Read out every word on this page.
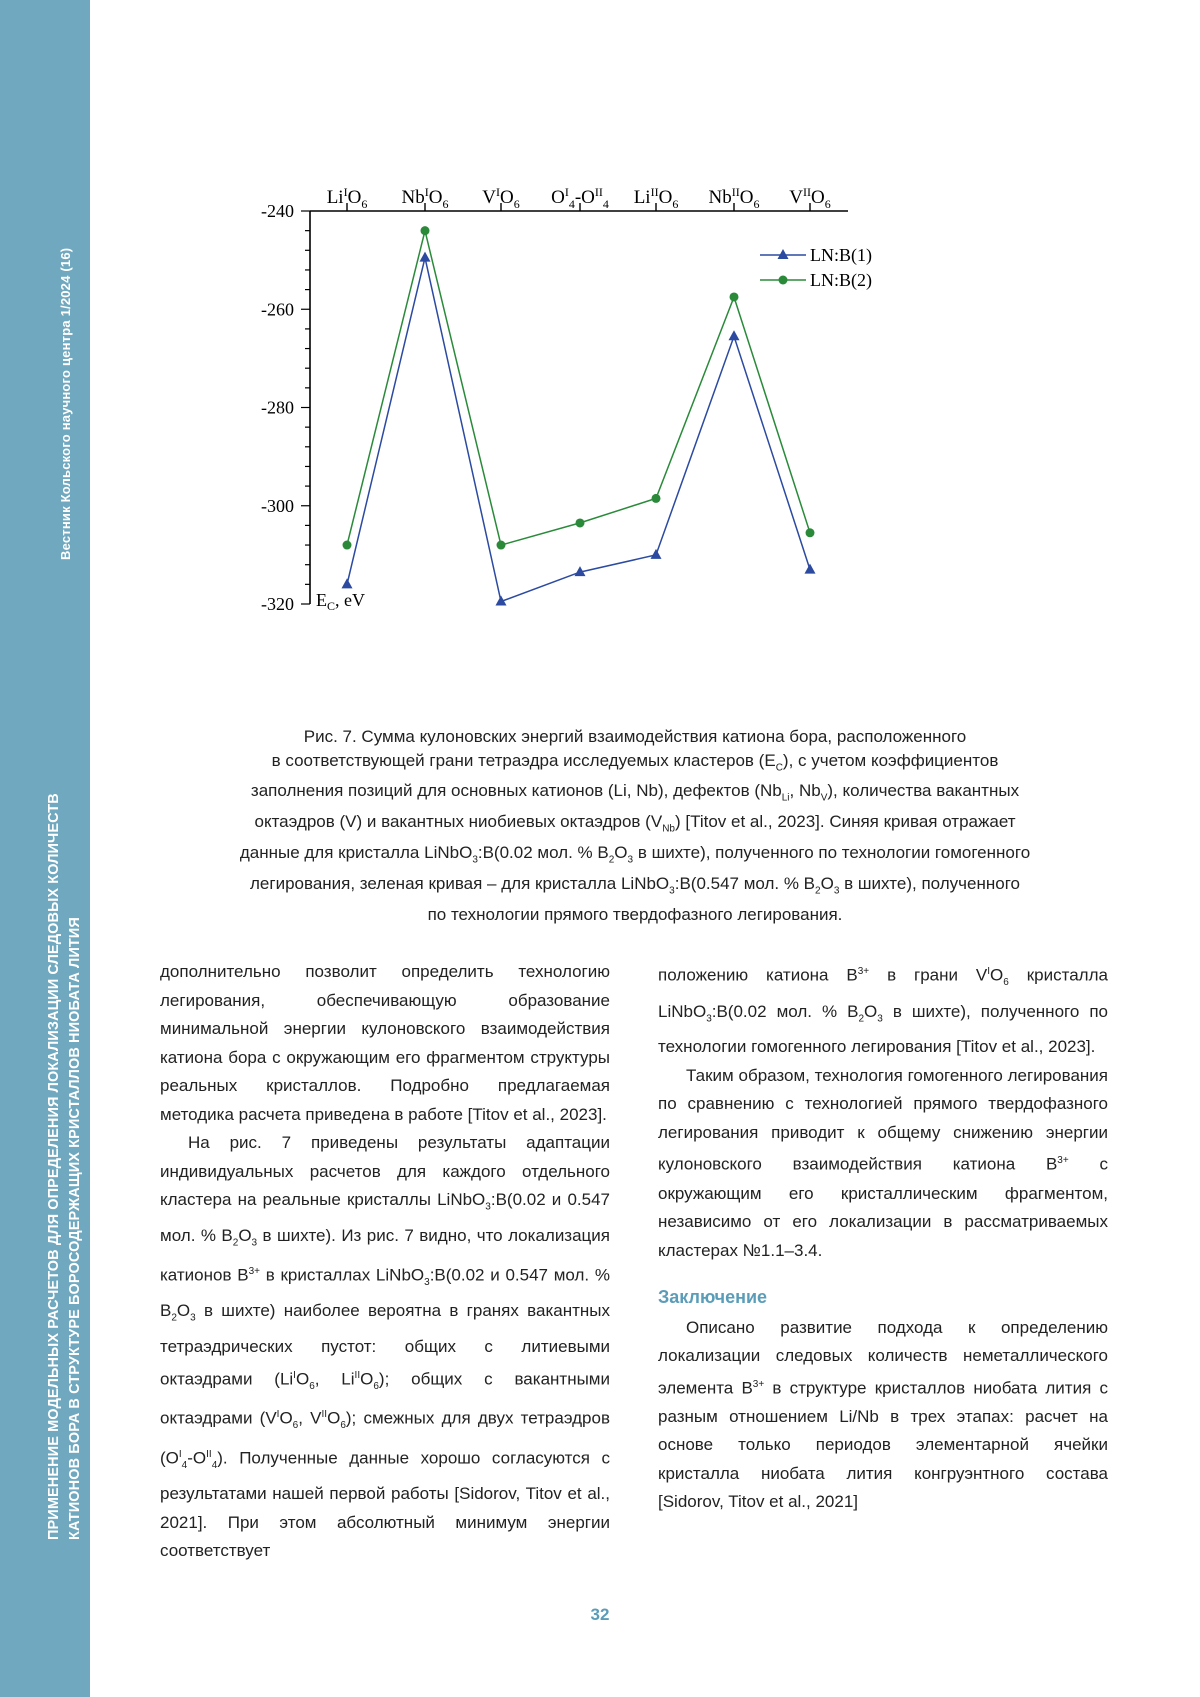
Вестник Кольского научного центра 1/2024 (16)
ПРИМЕНЕНИЕ МОДЕЛЬНЫХ РАСЧЕТОВ ДЛЯ ОПРЕДЕЛЕНИЯ ЛОКАЛИЗАЦИИ СЛЕДОВЫХ КОЛИЧЕСТВ КАТИОНОВ БОРА В СТРУКТУРЕ БОРОСОДЕРЖАЩИХ КРИСТАЛЛОВ НИОБАТА ЛИТИЯ
-240
-260
-280
-300
-320 $E_C$, eV
$Li^IO_6$ $Nb^IO_6$ $V^IO_6$ $O^I_4-O^{II}_4$ $Li^{II}O_6$ $Nb^{II}O_6$ $V^{II}O_6$
LN:B(1)
LN:B(2)
Рис. 7. Сумма кулоновских энергий взаимодействия катиона бора, расположенного
в соответствующей грани тетраэдра исследуемых кластеров $(E_C)$, с учетом коэффициентов
заполнения позиций для основных катионов (Li, Nb), дефектов ($Nb_{Li}$, $Nb_V$), количества вакантных
октаэдров (V) и вакантных ниобиевых октаэдров $(V_{Nb})$ [Titov et al., 2023]. Синяя кривая отражает
данные для кристалла LiNbO$_3$:B(0.02 мол. % $B_2O_3$ в шихте), полученного по технологии гомогенного
легирования, зеленая кривая – для кристалла LiNbO$_3$:B(0.547 мол. % $B_2O_3$ в шихте), полученного
по технологии прямого твердофазного легирования.

дополнительно позволит определить технологию легирования, обеспечивающую образование минимальной энергии кулоновского взаимодействия катиона бора с окружающим его фрагментом структуры реальных кристаллов. Подробно предлагаемая методика расчета приведена в работе [Titov et al., 2023].

На рис. 7 приведены результаты адаптации индивидуальных расчетов для каждого отдельного кластера на реальные кристаллы LiNbO$_3$:B(0.02 и 0.547 мол. % $B_2O_3$ в шихте). Из рис. 7 видно, что локализация катионов $B^{3+}$ в кристаллах LiNbO$_3$:B(0.02 и 0.547 мол. % $B_2O_3$ в шихте) наиболее вероятна в гранях вакантных тетраэдрических пустот: общих с литиевыми октаэдрами ($Li^IO_6$, $Li^{II}O_6$); общих с вакантными октаэдрами ($V^IO_6$, $V^{II}O_6$); смежных для двух тетраэдров $(O^I_4-O^{II}_4)$. Полученные данные хорошо согласуются с результатами нашей первой работы [Sidorov, Titov et al., 2021]. При этом абсолютный минимум энергии соответствует

положению катиона $B^{3+}$ в грани $V^IO_6$ кристалла LiNbO$_3$:B(0.02 мол. % $B_2O_3$ в шихте), полученного по технологии гомогенного легирования [Titov et al., 2023].

Таким образом, технология гомогенного легирования по сравнению с технологией прямого твердофазного легирования приводит к общему снижению энергии кулоновского взаимодействия катиона $B^{3+}$ с окружающим его кристаллическим фрагментом, независимо от его локализации в рассматриваемых кластерах №1.1–3.4.

Заключение

Описано развитие подхода к определению локализации следовых количеств неметаллического элемента $B^{3+}$ в структуре кристаллов ниобата лития с разным отношением Li/Nb в трех этапах: расчет на основе только периодов элементарной ячейки кристалла ниобата лития конгруэнтного состава [Sidorov, Titov et al., 2021]

32
